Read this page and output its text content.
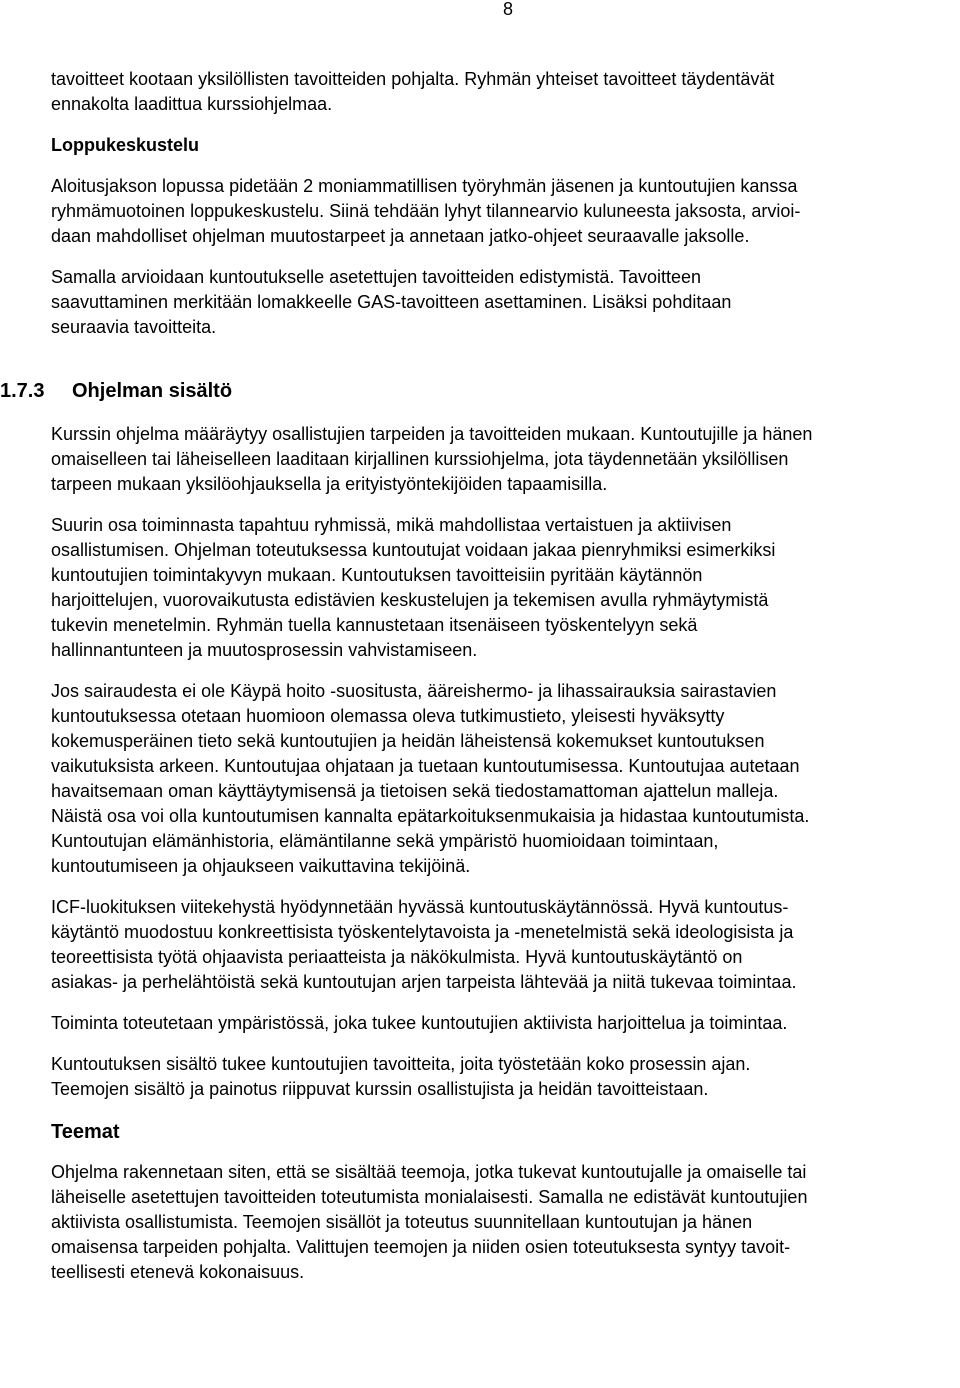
8
tavoitteet kootaan yksilöllisten tavoitteiden pohjalta. Ryhmän yhteiset tavoitteet täydentävät
ennakolta laadittua kurssiohjelmaa.
Loppukeskustelu
Aloitusjakson lopussa pidetään 2 moniammatillisen työryhmän jäsenen ja kuntoutujien kanssa
ryhmämuotoinen loppukeskustelu. Siinä tehdään lyhyt tilannearvio kuluneesta jaksosta, arvioi-
daan mahdolliset ohjelman muutostarpeet ja annetaan jatko-ohjeet seuraavalle jaksolle.
Samalla arvioidaan kuntoutukselle asetettujen tavoitteiden edistymistä. Tavoitteen
saavuttaminen merkitään lomakkeelle GAS-tavoitteen asettaminen. Lisäksi pohditaan
seuraavia tavoitteita.
1.7.3 Ohjelman sisältö
Kurssin ohjelma määräytyy osallistujien tarpeiden ja tavoitteiden mukaan. Kuntoutujille ja hänen
omaiselleen tai läheiselleen laaditaan kirjallinen kurssiohjelma, jota täydennetään yksilöllisen
tarpeen mukaan yksilöohjauksella ja erityistyöntekijöiden tapaamisilla.
Suurin osa toiminnasta tapahtuu ryhmissä, mikä mahdollistaa vertaistuen ja aktiivisen
osallistumisen. Ohjelman toteutuksessa kuntoutujat voidaan jakaa pienryhmiksi esimerkiksi
kuntoutujien toimintakyvyn mukaan. Kuntoutuksen tavoitteisiin pyritään käytännön
harjoittelujen, vuorovaikutusta edistävien keskustelujen ja tekemisen avulla ryhmäytymistä
tukevin menetelmin. Ryhmän tuella kannustetaan itsenäiseen työskentelyyn sekä
hallinnantunteen ja muutosprosessin vahvistamiseen.
Jos sairaudesta ei ole Käypä hoito -suositusta, ääreishermo- ja lihassairauksia sairastavien
kuntoutuksessa otetaan huomioon olemassa oleva tutkimustieto, yleisesti hyväksytty
kokemusperäinen tieto sekä kuntoutujien ja heidän läheistensä kokemukset kuntoutuksen
vaikutuksista arkeen. Kuntoutujaa ohjataan ja tuetaan kuntoutumisessa. Kuntoutujaa autetaan
havaitsemaan oman käyttäytymisensä ja tietoisen sekä tiedostamattoman ajattelun malleja.
Näistä osa voi olla kuntoutumisen kannalta epätarkoituksenmukaisia ja hidastaa kuntoutumista.
Kuntoutujan elämänhistoria, elämäntilanne sekä ympäristö huomioidaan toimintaan,
kuntoutumiseen ja ohjaukseen vaikuttavina tekijöinä.
ICF-luokituksen viitekehystä hyödynnetään hyvässä kuntoutuskäytännössä. Hyvä kuntoutus-
käytäntö muodostuu konkreettisista työskentelytavoista ja -menetelmistä sekä ideologisista ja
teoreettisista työtä ohjaavista periaatteista ja näkökulmista. Hyvä kuntoutuskäytäntö on
asiakas- ja perhelähtöistä sekä kuntoutujan arjen tarpeista lähtevää ja niitä tukevaa toimintaa.
Toiminta toteutetaan ympäristössä, joka tukee kuntoutujien aktiivista harjoittelua ja toimintaa.
Kuntoutuksen sisältö tukee kuntoutujien tavoitteita, joita työstetään koko prosessin ajan.
Teemojen sisältö ja painotus riippuvat kurssin osallistujista ja heidän tavoitteistaan.
Teemat
Ohjelma rakennetaan siten, että se sisältää teemoja, jotka tukevat kuntoutujalle ja omaiselle tai
läheiselle asetettujen tavoitteiden toteutumista monialaisesti. Samalla ne edistävät kuntoutujien
aktiivista osallistumista. Teemojen sisällöt ja toteutus suunnitellaan kuntoutujan ja hänen
omaisensa tarpeiden pohjalta. Valittujen teemojen ja niiden osien toteutuksesta syntyy tavoit-
teellisesti etenevä kokonaisuus.
